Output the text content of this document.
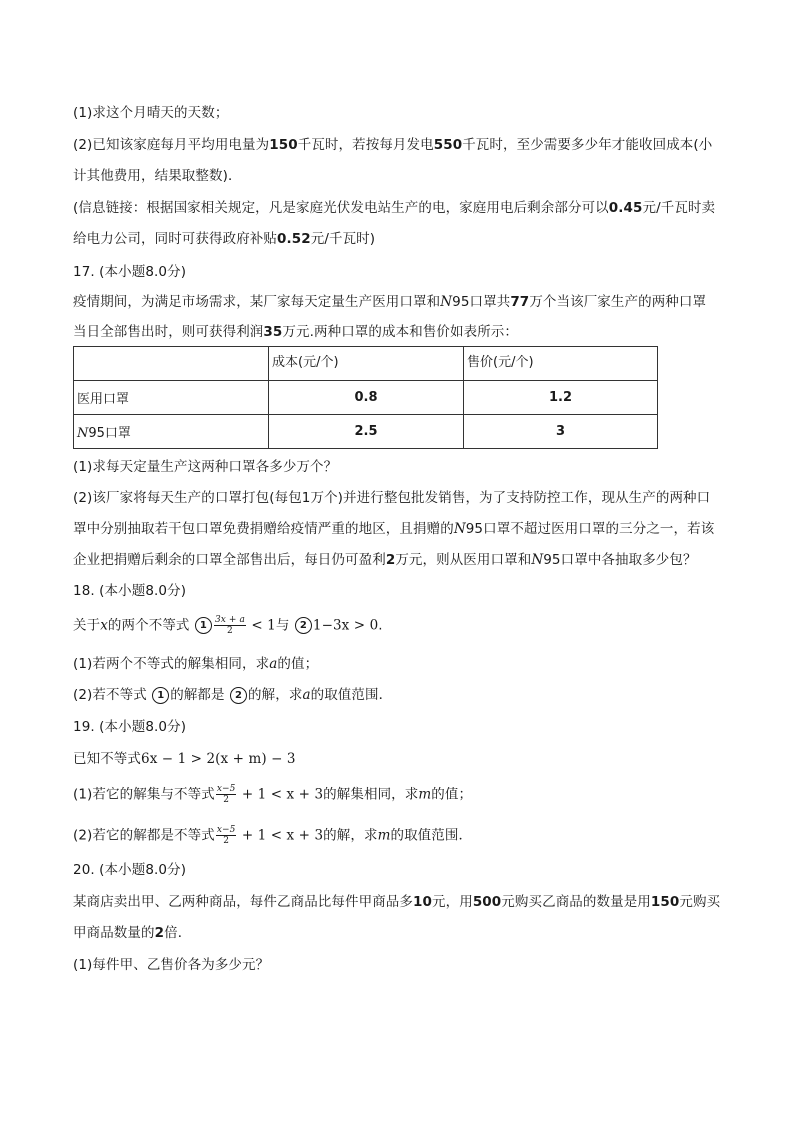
(1)求这个月晴天的天数；
(2)已知该家庭每月平均用电量为150千瓦时，若按每月发电550千瓦时，至少需要多少年才能收回成本(小
计其他费用，结果取整数)．
(信息链接：根据国家相关规定，凡是家庭光伏发电站生产的电，家庭用电后剩余部分可以0.45元/千瓦时卖
给电力公司，同时可获得政府补贴0.52元/千瓦时)
17. (本小题8.0分)
疫情期间，为满足市场需求，某厂家每天定量生产医用口罩和N95口罩共77万个当该厂家生产的两种口罩
当日全部售出时，则可获得利润35万元.两种口罩的成本和售价如表所示：
	成本(元/个)	售价(元/个)
医用口罩	0.8	1.2
N95口罩	2.5	3
(1)求每天定量生产这两种口罩各多少万个？
(2)该厂家将每天生产的口罩打包(每包1万个)并进行整包批发销售，为了支持防控工作，现从生产的两种口
罩中分别抽取若干包口罩免费捐赠给疫情严重的地区，且捐赠的N95口罩不超过医用口罩的三分之一，若该
企业把捐赠后剩余的口罩全部售出后，每日仍可盈利2万元，则从医用口罩和N95口罩中各抽取多少包？
18. (本小题8.0分)
关于x的两个不等式 $1 \frac{3x + a}{2} < 1$与 2 1−3x > 0.
(1)若两个不等式的解集相同，求a的值；
(2)若不等式 1 的解都是 2 的解，求a的取值范围．
19. (本小题8.0分)
已知不等式6x − 1 > 2(x + m) − 3
(1)若它的解集与不等式 $\frac{x-5}{2} + 1 < x + 3$的解集相同，求m的值；
(2)若它的解都是不等式 $\frac{x-5}{2} + 1 < x + 3$的解，求m的取值范围．
20. (本小题8.0分)
某商店卖出甲、乙两种商品，每件乙商品比每件甲商品多10元，用500元购买乙商品的数量是用150元购买
甲商品数量的2倍．
(1)每件甲、乙售价各为多少元？
